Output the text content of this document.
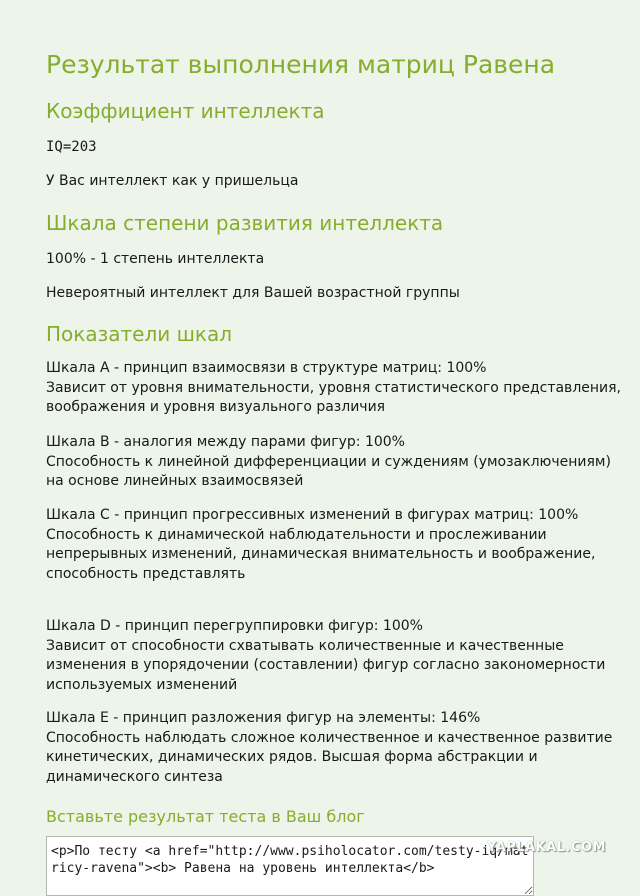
Результат выполнения матриц Равена
Коэффициент интеллекта

IQ=203

У Вас интеллект как у пришельца

Шкала степени развития интеллекта

100% - 1 степень интеллекта

Невероятный интеллект для Вашей возрастной группы

Показатели шкал
Шкала A - принцип взаимосвязи в структуре матриц: 100%
Зависит от уровня внимательности, уровня статистического представления, воображения и уровня визуального различия
Шкала B - аналогия между парами фигур: 100%
Способность к линейной дифференциации и суждениям (умозаключениям) на основе линейных взаимосвязей
Шкала C - принцип прогрессивных изменений в фигурах матриц: 100%
Способность к динамической наблюдательности и прослеживании непрерывных изменений, динамическая внимательность и воображение, способность представлять
Шкала D - принцип перегруппировки фигур: 100%
Зависит от способности схватывать количественные и качественные изменения в упорядочении (составлении) фигур согласно закономерности используемых изменений
Шкала E - принцип разложения фигур на элементы: 146%
Способность наблюдать сложное количественное и качественное развитие кинетических, динамических рядов. Высшая форма абстракции и динамического синтеза
Вставьте результат теста в Ваш блог
<p>По тесту <a href="http://www.psiholocator.com/testy-iq/matricy-ravena"><b> Равена на уровень интеллекта</b>
YAPLAKAL.COM
